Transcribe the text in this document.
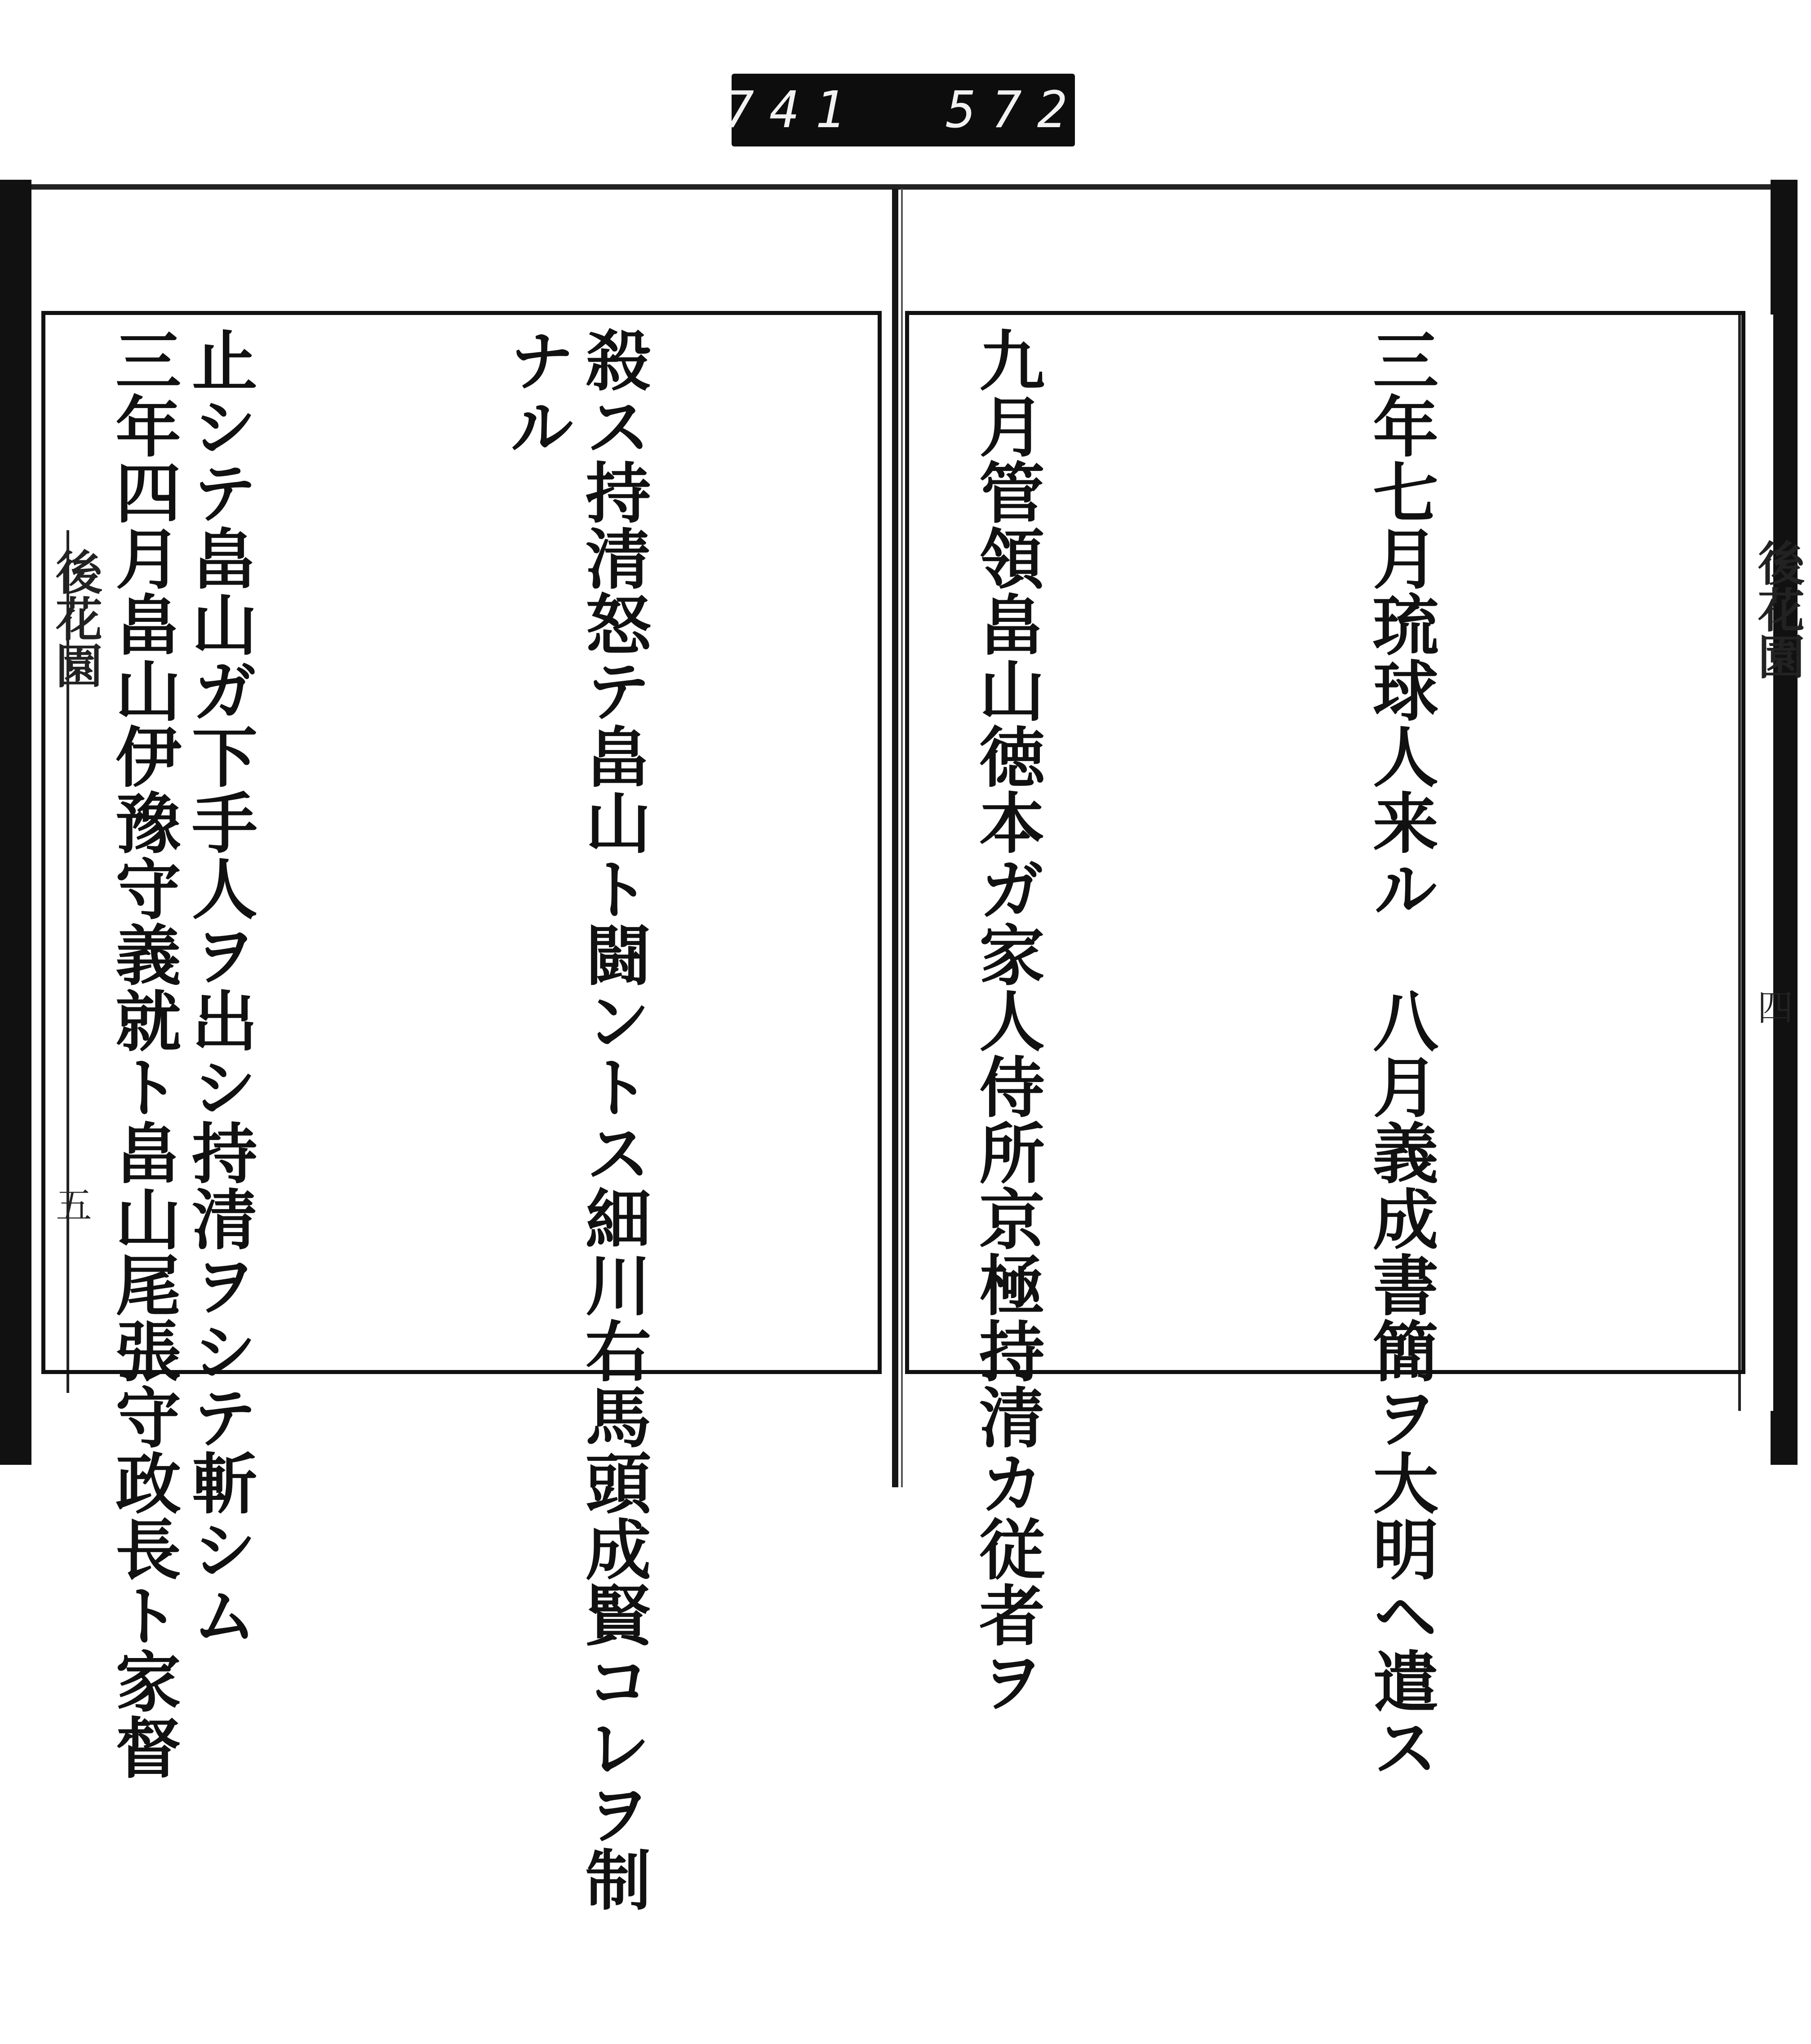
741 572
後花園	後花園
五
四

ナル

三年四月畠山伊豫守義就ト畠山尾張守政長ト家督

	三年七月琉球人来ル　八月義成書簡ヲ大明ヘ遣ス

九月管領畠山徳本ガ家人侍所京極持清カ従者ヲ

殺ス持清怒テ畠山ト闘ントス細川右馬頭成賢コレヲ制

止シテ畠山ガ下手人ヲ出シ持清ヲシテ斬シム
